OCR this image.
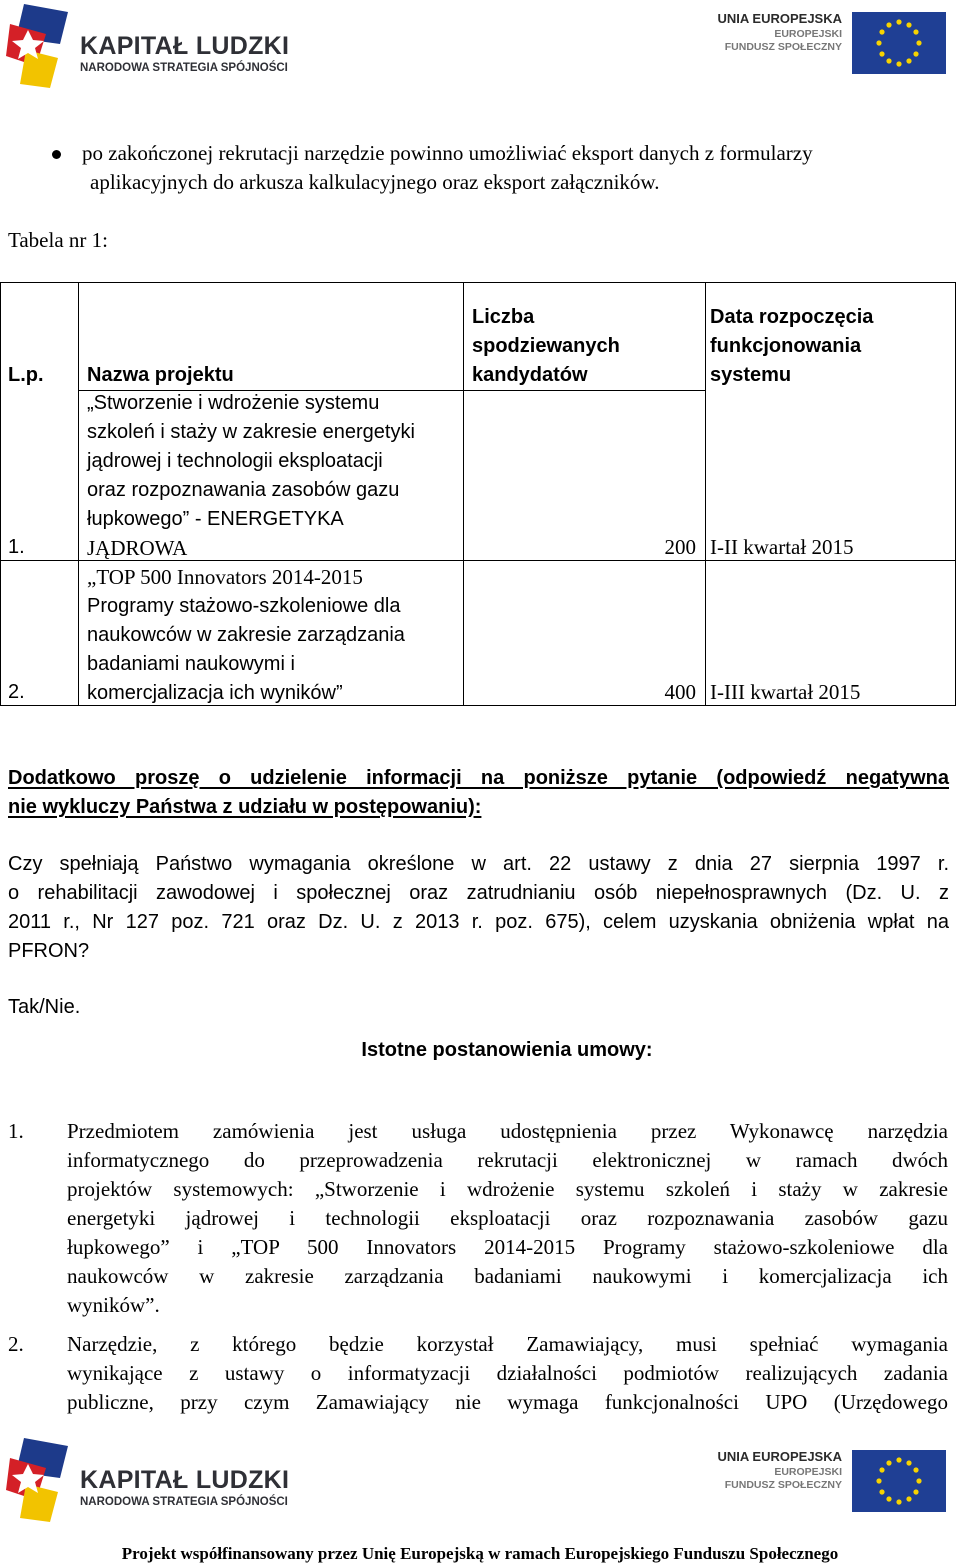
KAPITAŁ LUDZKI
NARODOWA STRATEGIA SPÓJNOŚCI
UNIA EUROPEJSKA
EUROPEJSKI
FUNDUSZ SPOŁECZNY
po zakończonej rekrutacji narzędzie powinno umożliwiać eksport danych z formularzy
aplikacyjnych do arkusza kalkulacyjnego oraz eksport załączników.
Tabela nr 1:
L.p. Nazwa projektu
Liczba
spodziewanych
kandydatów
Data rozpoczęcia
funkcjonowania
systemu
1.
„Stworzenie i wdrożenie systemu
szkoleń i staży w zakresie energetyki
jądrowej i technologii eksploatacji
oraz rozpoznawania zasobów gazu
łupkowego” - ENERGETYKA
JĄDROWA	200 I-II kwartał 2015
2.
„TOP 500 Innovators 2014-2015
Programy stażowo-szkoleniowe dla
naukowców w zakresie zarządzania
badaniami naukowymi i
komercjalizacja ich wyników”	400 I-III kwartał 2015
Dodatkowo proszę o udzielenie informacji na poniższe pytanie (odpowiedź negatywna
nie wykluczy Państwa z udziału w postępowaniu):
Czy spełniają Państwo wymagania określone w art. 22 ustawy z dnia 27 sierpnia 1997 r.
o rehabilitacji zawodowej i społecznej oraz zatrudnianiu osób niepełnosprawnych (Dz. U. z
2011 r., Nr 127 poz. 721 oraz Dz. U. z 2013 r. poz. 675), celem uzyskania obniżenia wpłat na
PFRON?
Tak/Nie.
Istotne postanowienia umowy:
1. Przedmiotem zamówienia jest usługa udostępnienia przez Wykonawcę narzędzia
informatycznego do przeprowadzenia rekrutacji elektronicznej w ramach dwóch
projektów systemowych: „Stworzenie i wdrożenie systemu szkoleń i staży w zakresie
energetyki jądrowej i technologii eksploatacji oraz rozpoznawania zasobów gazu
łupkowego” i „TOP 500 Innovators 2014-2015 Programy stażowo-szkoleniowe dla
naukowców w zakresie zarządzania badaniami naukowymi i komercjalizacja ich
wyników”.
2. Narzędzie, z którego będzie korzystał Zamawiający, musi spełniać wymagania
wynikające z ustawy o informatyzacji działalności podmiotów realizujących zadania
publiczne, przy czym Zamawiający nie wymaga funkcjonalności UPO (Urzędowego
KAPITAŁ LUDZKI
NARODOWA STRATEGIA SPÓJNOŚCI
UNIA EUROPEJSKA
EUROPEJSKI
FUNDUSZ SPOŁECZNY
Projekt współfinansowany przez Unię Europejską w ramach Europejskiego Funduszu Społecznego
